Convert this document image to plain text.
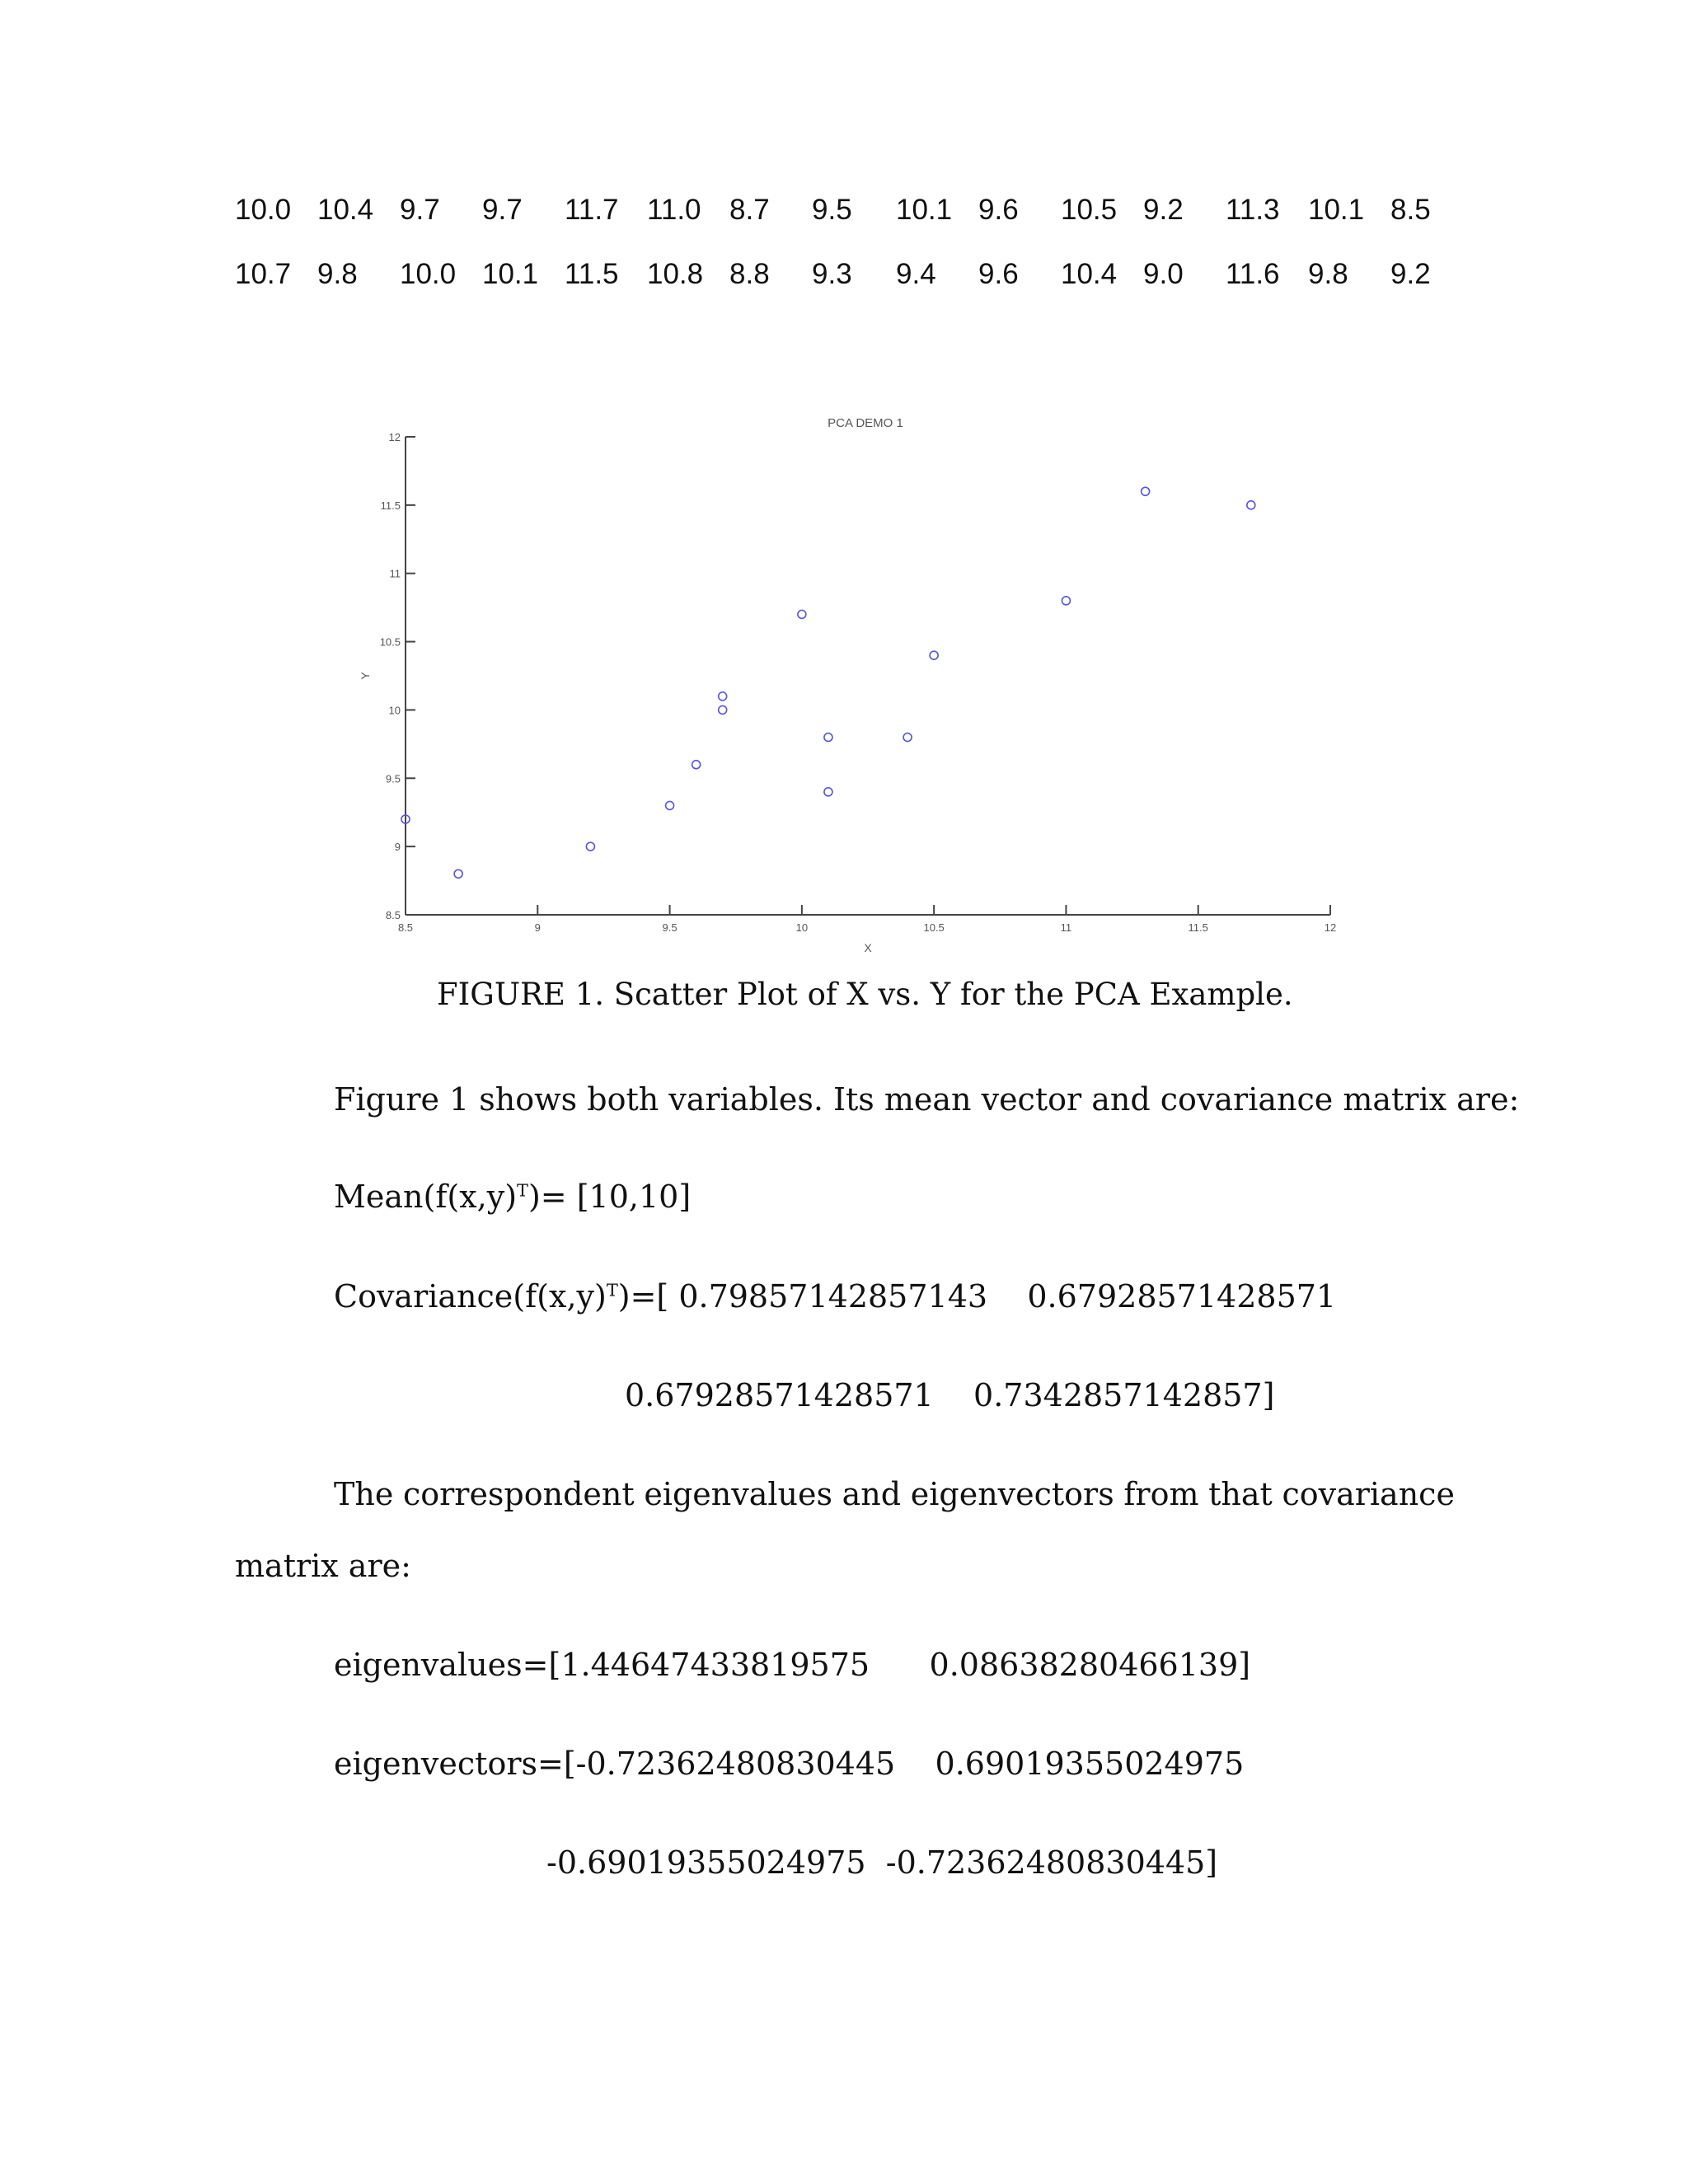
10.0 10.4 9.7 9.7 11.7 11.0 8.7 9.5 10.1 9.6 10.5 9.2 11.3 10.1 8.5
10.7 9.8 10.0 10.1 11.5 10.8 8.8 9.3 9.4 9.6 10.4 9.0 11.6 9.8 9.2
8.5	9	9.5	10	10.5	11	11.5	12
8.5
9
9.5
10
10.5
11
11.5
12
PCA DEMO 1
X
Y
FIGURE 1. Scatter Plot of X vs. Y for the PCA Example.
Figure 1 shows both variables. Its mean vector and covariance matrix are:
$Mean(f(x,y)^T)= [10,10]$
$Covariance(f(x,y)^T)=$[ 0.79857142857143    0.67928571428571
0.67928571428571    0.7342857142857]
The correspondent eigenvalues and eigenvectors from that covariance
matrix are:
eigenvalues=[1.44647433819575      0.08638280466139]
eigenvectors=[-0.72362480830445    0.69019355024975
-0.69019355024975  -0.72362480830445]
